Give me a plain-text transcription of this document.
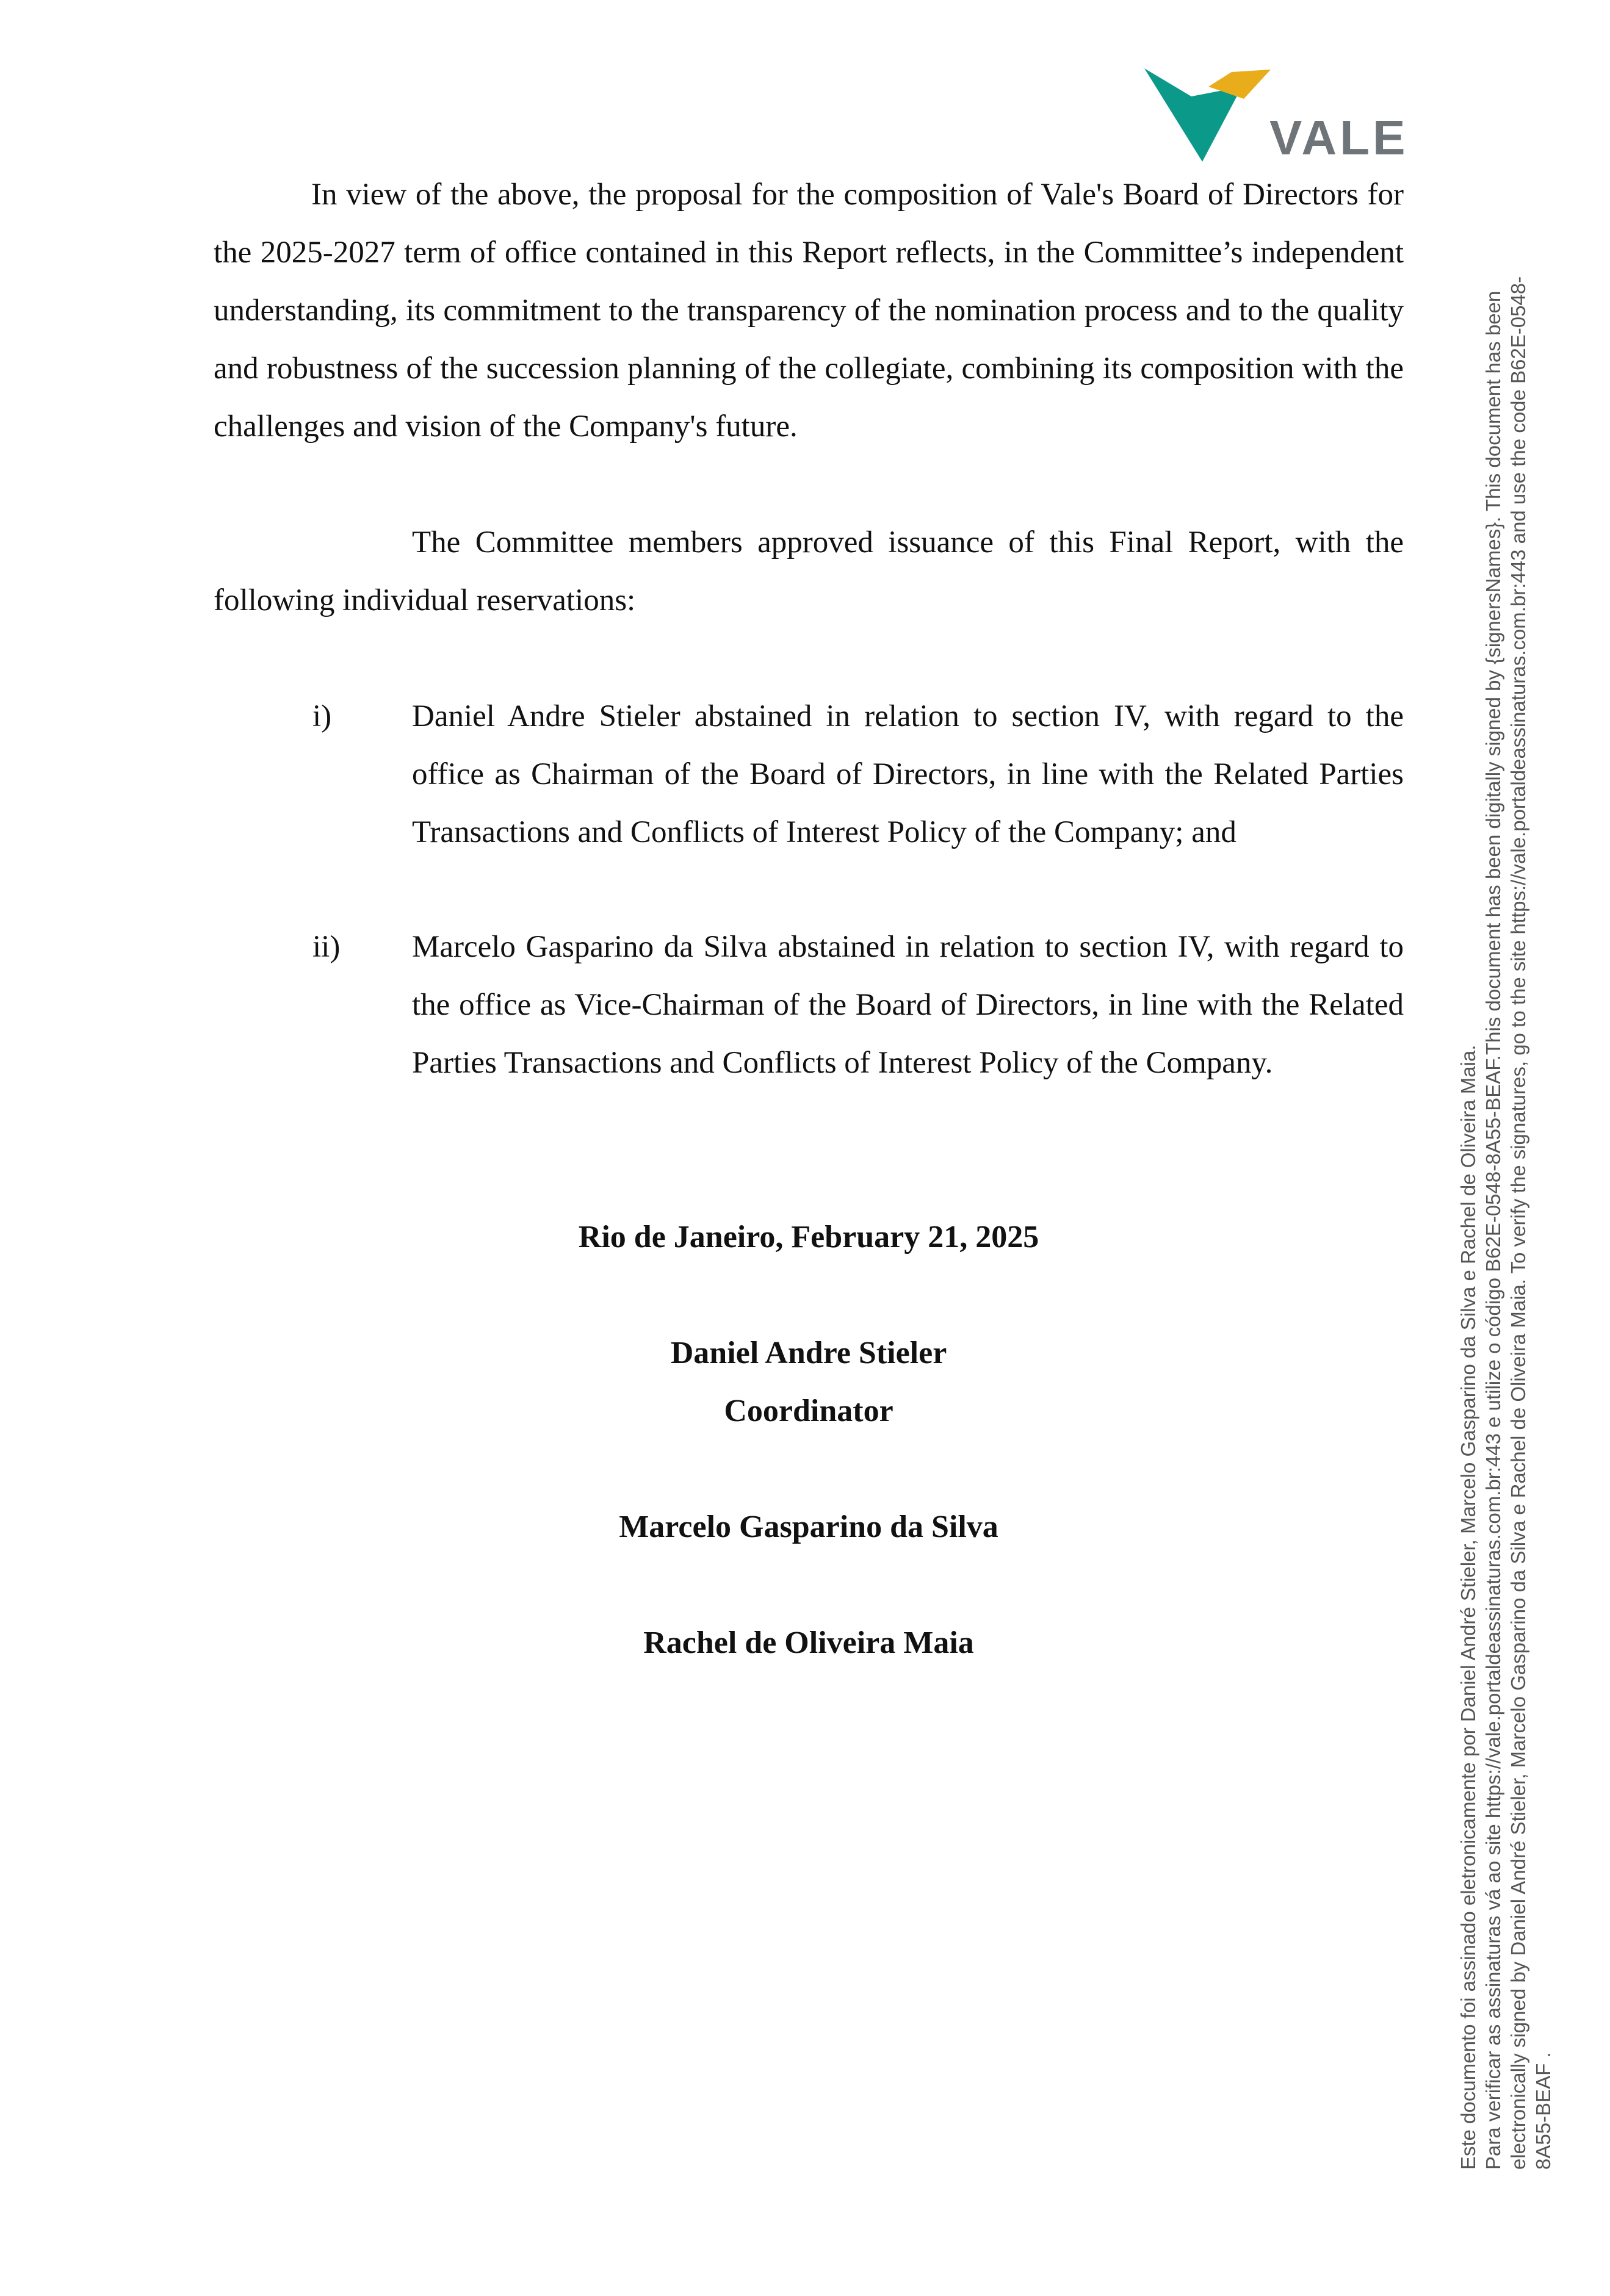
VALE

In view of the above, the proposal for the composition of Vale's Board of Directors for the 2025-2027 term of office contained in this Report reflects, in the Committee’s independent understanding, its commitment to the transparency of the nomination process and to the quality and robustness of the succession planning of the collegiate, combining its composition with the challenges and vision of the Company's future.

The Committee members approved issuance of this Final Report, with the following individual reservations:

i)	Daniel Andre Stieler abstained in relation to section IV, with regard to the office as Chairman of the Board of Directors, in line with the Related Parties Transactions and Conflicts of Interest Policy of the Company; and

ii) Marcelo Gasparino da Silva abstained in relation to section IV, with regard to the office as Vice-Chairman of the Board of Directors, in line with the Related Parties Transactions and Conflicts of Interest Policy of the Company.

Rio de Janeiro, February 21, 2025
Daniel Andre Stieler
Coordinator
Marcelo Gasparino da Silva
Rachel de Oliveira Maia	Este documento foi assinado eletronicamente por Daniel André Stieler, Marcelo Gasparino da Silva e Rachel de Oliveira Maia. Para verificar as assinaturas vá ao site https://vale.portaldeassinaturas.com.br:443 e utilize o código B62E-0548-8A55-BEAF.This document has been digitally signed by {signersNames}. This document has been electronically signed by Daniel André Stieler, Marcelo Gasparino da Silva e Rachel de Oliveira Maia. To verify the signatures, go to the site https://vale.portaldeassinaturas.com.br:443 and use the code B62E-0548- 8A55-BEAF .
